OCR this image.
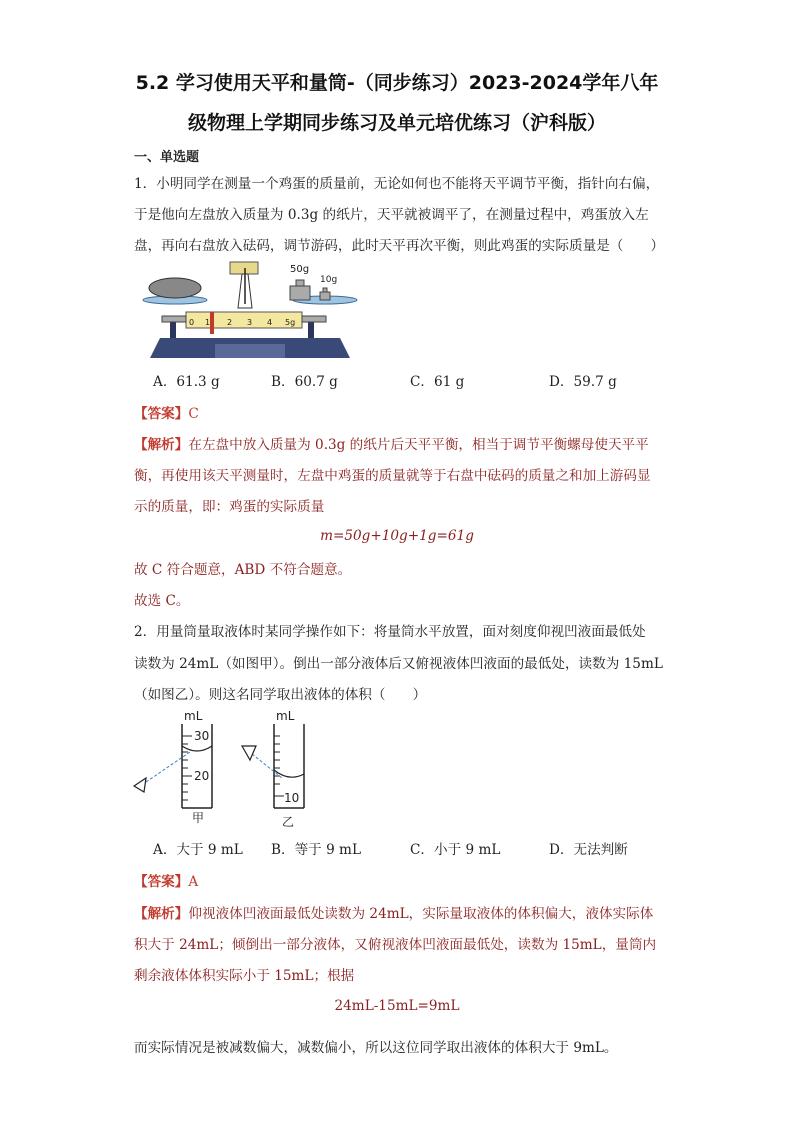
5.2 学习使用天平和量筒-（同步练习）2023-2024学年八年
级物理上学期同步练习及单元培优练习（沪科版）
一、单选题
1．小明同学在测量一个鸡蛋的质量前，无论如何也不能将天平调节平衡，指针向右偏，
于是他向左盘放入质量为 0.3g 的纸片，天平就被调平了，在测量过程中，鸡蛋放入左
盘，再向右盘放入砝码，调节游码，此时天平再次平衡，则此鸡蛋的实际质量是（　　）
50g
10g
0 1 2 3 4 5g
A．61.3 g	B．60.7 g	C．61 g	D．59.7 g
【答案】C
【解析】在左盘中放入质量为 0.3g 的纸片后天平平衡，相当于调节平衡螺母使天平平
衡，再使用该天平测量时，左盘中鸡蛋的质量就等于右盘中砝码的质量之和加上游码显
示的质量，即：鸡蛋的实际质量
m=50g+10g+1g=61g
故 C 符合题意，ABD 不符合题意。
故选 C。
2．用量筒量取液体时某同学操作如下：将量筒水平放置，面对刻度仰视凹液面最低处
读数为 24mL（如图甲）。倒出一部分液体后又俯视液体凹液面的最低处，读数为 15mL
（如图乙）。则这名同学取出液体的体积（　　）
mL
30
20
甲
mL
10
乙
A．大于 9 mL B．等于 9 mL	C．小于 9 mL	D．无法判断
【答案】A
【解析】仰视液体凹液面最低处读数为 24mL，实际量取液体的体积偏大，液体实际体
积大于 24mL；倾倒出一部分液体，又俯视液体凹液面最低处，读数为 15mL，量筒内
剩余液体体积实际小于 15mL；根据
24mL-15mL=9mL
而实际情况是被减数偏大，减数偏小，所以这位同学取出液体的体积大于 9mL。
